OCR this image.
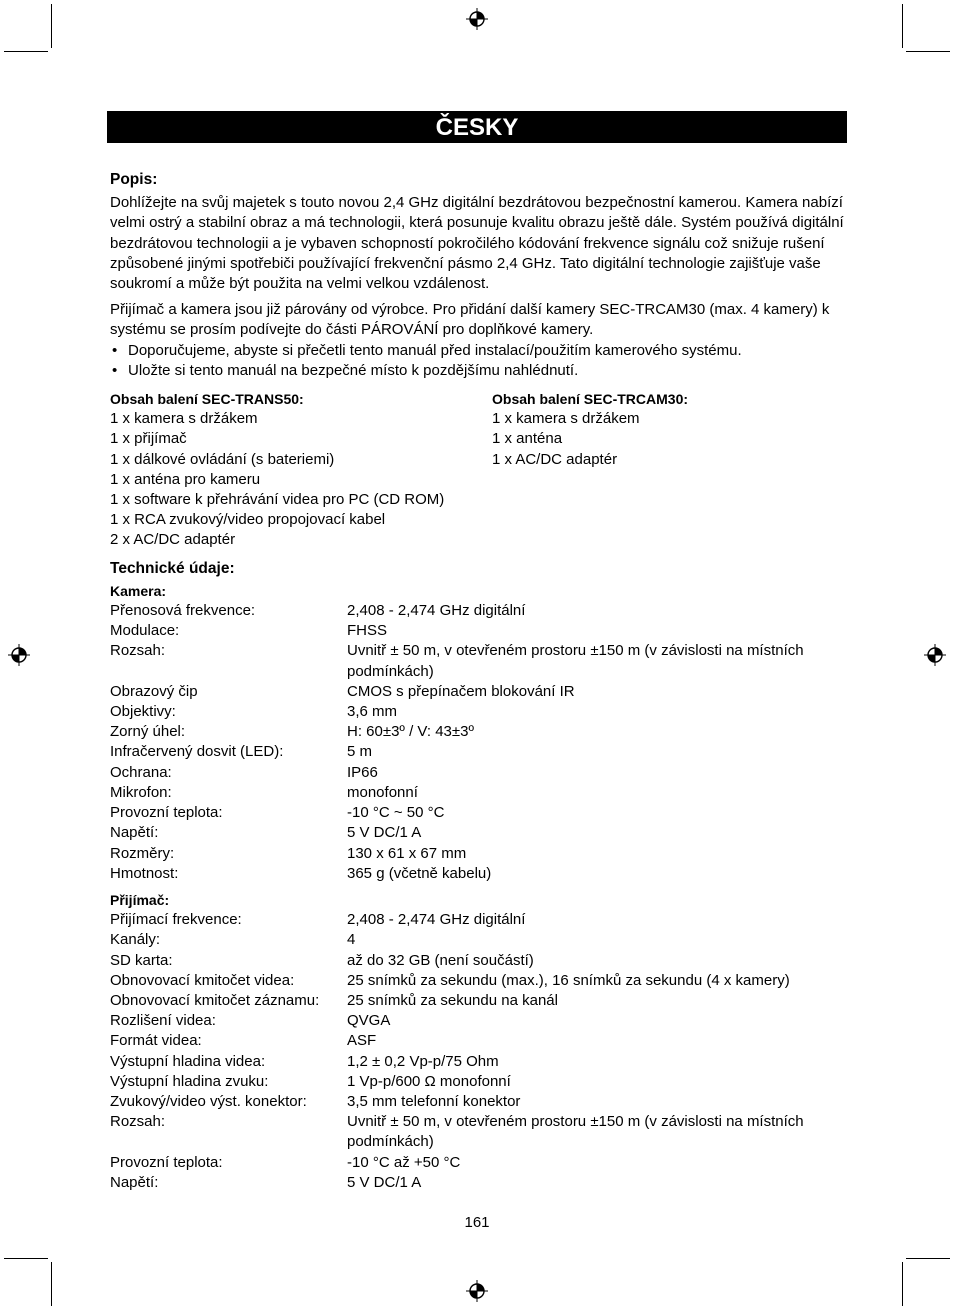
ČESKY

Popis:

Dohlížejte na svůj majetek s touto novou 2,4 GHz digitální bezdrátovou bezpečnostní kamerou. Kamera nabízí velmi ostrý a stabilní obraz a má technologii, která posunuje kvalitu obrazu ještě dále. Systém používá digitální bezdrátovou technologii a je vybaven schopností pokročilého kódování frekvence signálu což snižuje rušení způsobené jinými spotřebiči používající frekvenční pásmo 2,4 GHz. Tato digitální technologie zajišťuje vaše soukromí a může být použita na velmi velkou vzdálenost.

Přijímač a kamera jsou již párovány od výrobce. Pro přidání další kamery SEC-TRCAM30 (max. 4 kamery) k systému se prosím podívejte do části PÁROVÁNÍ pro doplňkové kamery.

• Doporučujeme, abyste si přečetli tento manuál před instalací/použitím kamerového systému.
• Uložte si tento manuál na bezpečné místo k pozdějšímu nahlédnutí.
Obsah balení SEC-TRANS50:
1 x kamera s držákem
1 x přijímač
1 x dálkové ovládání (s bateriemi)
1 x anténa pro kameru
1 x software k přehrávání videa pro PC (CD ROM)
1 x RCA zvukový/video propojovací kabel
2 x AC/DC adaptér
Obsah balení SEC-TRCAM30:
1 x kamera s držákem
1 x anténa
1 x AC/DC adaptér

Technické údaje:

Kamera:
Přenosová frekvence:	2,408 - 2,474 GHz digitální
Modulace:	FHSS
Rozsah:	Uvnitř ± 50 m, v otevřeném prostoru ±150 m (v závislosti na místních podmínkách)
Obrazový čip	CMOS s přepínačem blokování IR
Objektivy:	3,6 mm
Zorný úhel:	H: 60±3º / V: 43±3º
Infračervený dosvit (LED):	5 m
Ochrana:	IP66
Mikrofon:	monofonní
Provozní teplota:	-10 °C ~ 50 °C
Napětí:	5 V DC/1 A
Rozměry:	130 x 61 x 67 mm
Hmotnost:	365 g (včetně kabelu)
Přijímač:
Přijímací frekvence:	2,408 - 2,474 GHz digitální
Kanály:	4
SD karta:	až do 32 GB (není součástí)
Obnovovací kmitočet videa:	25 snímků za sekundu (max.), 16 snímků za sekundu (4 x kamery)
Obnovovací kmitočet záznamu:	25 snímků za sekundu na kanál
Rozlišení videa:	QVGA
Formát videa:	ASF
Výstupní hladina videa:	1,2 ± 0,2 Vp-p/75 Ohm
Výstupní hladina zvuku:	1 Vp-p/600 Ω monofonní
Zvukový/video výst. konektor:	3,5 mm telefonní konektor
Rozsah:	Uvnitř ± 50 m, v otevřeném prostoru ±150 m (v závislosti na místních podmínkách)
Provozní teplota:	-10 °C až +50 °C
Napětí:	5 V DC/1 A
161
